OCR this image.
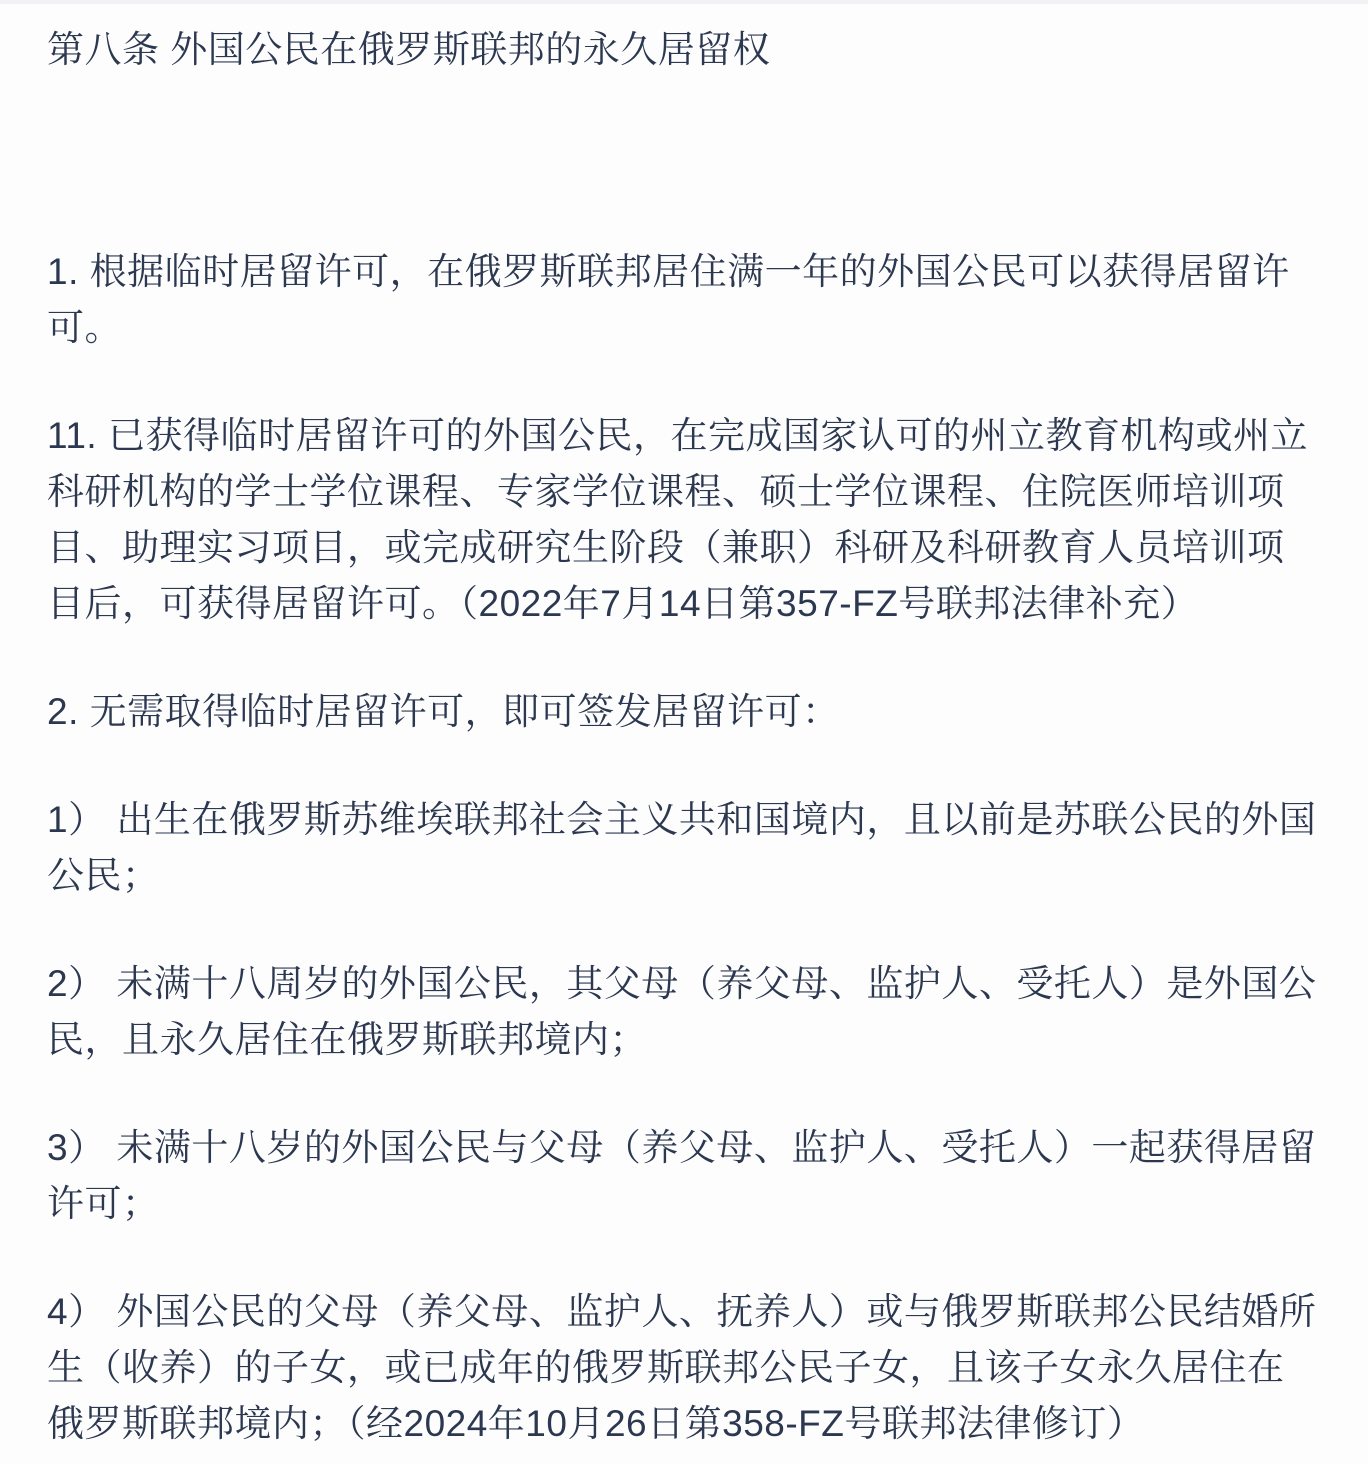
第八条 外国公民在俄罗斯联邦的永久居留权

1. 根据临时居留许可，在俄罗斯联邦居住满一年的外国公民可以获得居留许可。

11. 已获得临时居留许可的外国公民，在完成国家认可的州立教育机构或州立科研机构的学士学位课程、专家学位课程、硕士学位课程、住院医师培训项目、助理实习项目，或完成研究生阶段（兼职）科研及科研教育人员培训项目后，可获得居留许可。（2022年7月14日第357-FZ号联邦法律补充）

2. 无需取得临时居留许可，即可签发居留许可：

1） 出生在俄罗斯苏维埃联邦社会主义共和国境内，且以前是苏联公民的外国公民；

2） 未满十八周岁的外国公民，其父母（养父母、监护人、受托人）是外国公民，且永久居住在俄罗斯联邦境内；

3） 未满十八岁的外国公民与父母（养父母、监护人、受托人）一起获得居留许可；

4） 外国公民的父母（养父母、监护人、抚养人）或与俄罗斯联邦公民结婚所生（收养）的子女，或已成年的俄罗斯联邦公民子女，且该子女永久居住在俄罗斯联邦境内；（经2024年10月26日第358-FZ号联邦法律修订）
